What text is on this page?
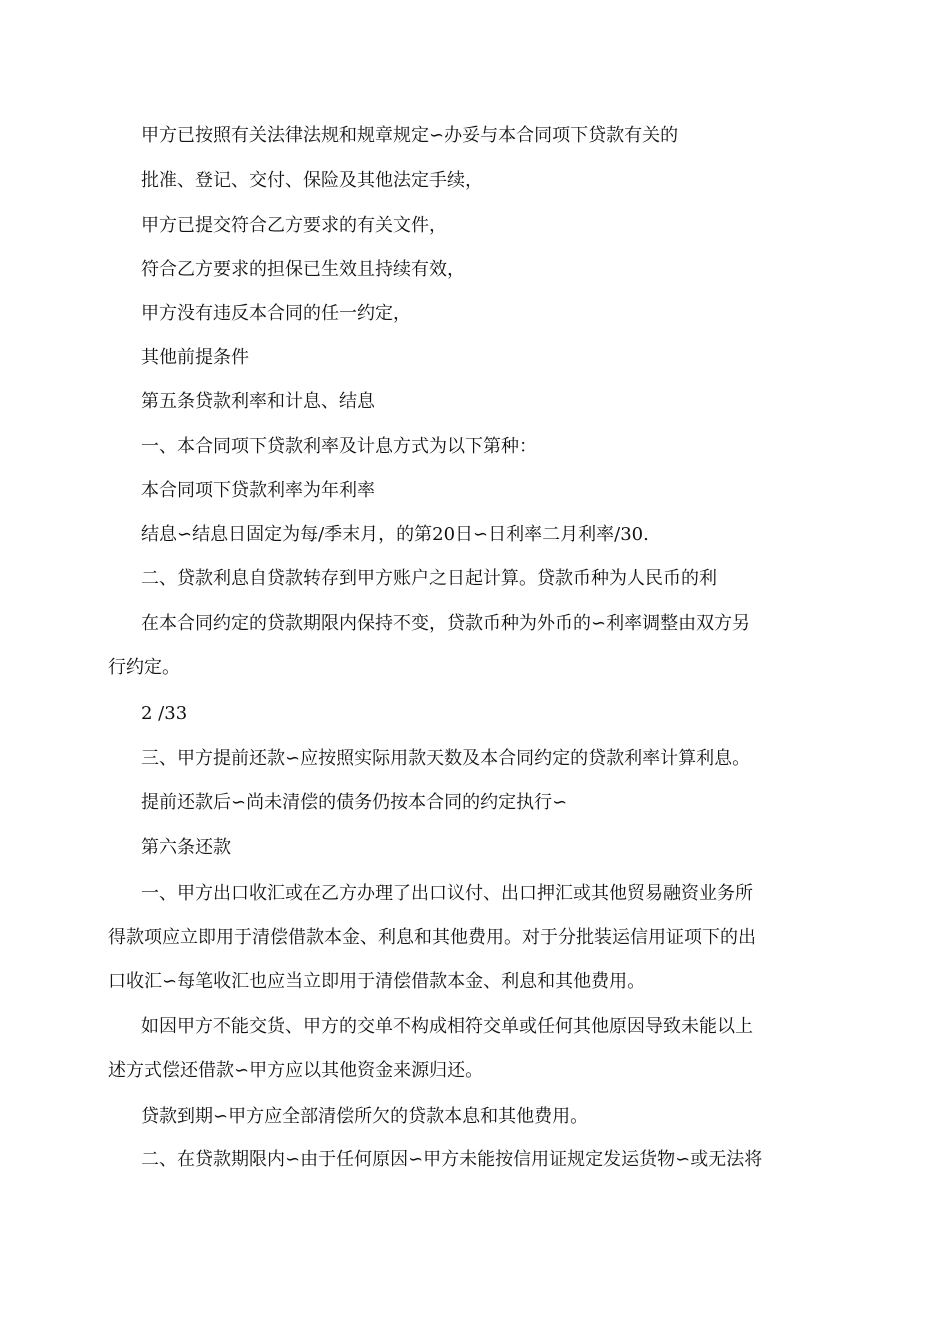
甲方已按照有关法律法规和规章规定∽办妥与本合同项下贷款有关的

批准、登记、交付、保险及其他法定手续，

甲方已提交符合乙方要求的有关文件，

符合乙方要求的担保已生效且持续有效，

甲方没有违反本合同的任一约定，

其他前提条件

第五条贷款利率和计息、结息

一、本合同项下贷款利率及计息方式为以下第种：

本合同项下贷款利率为年利率

结息∽结息日固定为每/季末月，的第20日∽日利率二月利率/30.

二、贷款利息自贷款转存到甲方账户之日起计算。贷款币种为人民币的利

在本合同约定的贷款期限内保持不变，贷款币种为外币的∽利率调整由双方另

行约定。

2 /33

三、甲方提前还款∽应按照实际用款天数及本合同约定的贷款利率计算利息。

提前还款后∽尚未清偿的债务仍按本合同的约定执行∽

第六条还款

一、甲方出口收汇或在乙方办理了出口议付、出口押汇或其他贸易融资业务所

得款项应立即用于清偿借款本金、利息和其他费用。对于分批装运信用证项下的出

口收汇∽每笔收汇也应当立即用于清偿借款本金、利息和其他费用。

如因甲方不能交货、甲方的交单不构成相符交单或任何其他原因导致未能以上

述方式偿还借款∽甲方应以其他资金来源归还。

贷款到期∽甲方应全部清偿所欠的贷款本息和其他费用。

二、在贷款期限内∽由于任何原因∽甲方未能按信用证规定发运货物∽或无法将
